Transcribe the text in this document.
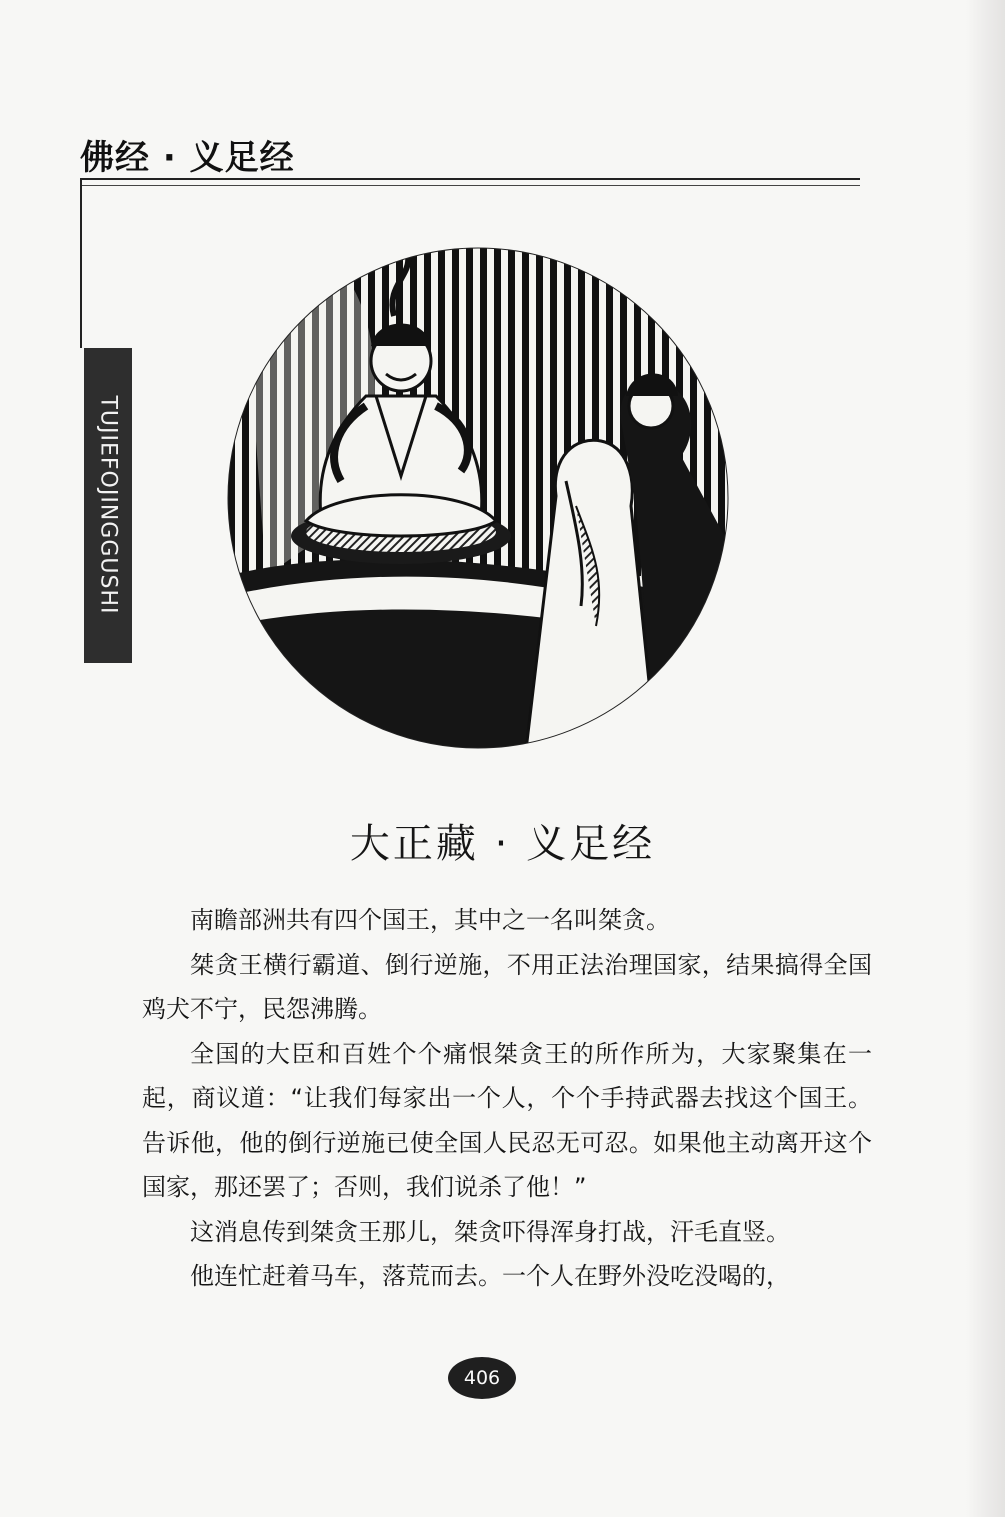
佛经 · 义足经
TUJIEFOJINGGUSHI
大正藏 · 义足经

南瞻部洲共有四个国王，其中之一名叫桀贪。

桀贪王横行霸道、倒行逆施，不用正法治理国家，结果搞得全国鸡犬不宁，民怨沸腾。

全国的大臣和百姓个个痛恨桀贪王的所作所为，大家聚集在一起，商议道：“让我们每家出一个人，个个手持武器去找这个国王。告诉他，他的倒行逆施已使全国人民忍无可忍。如果他主动离开这个国家，那还罢了；否则，我们说杀了他！”

这消息传到桀贪王那儿，桀贪吓得浑身打战，汗毛直竖。

他连忙赶着马车，落荒而去。一个人在野外没吃没喝的，

406
